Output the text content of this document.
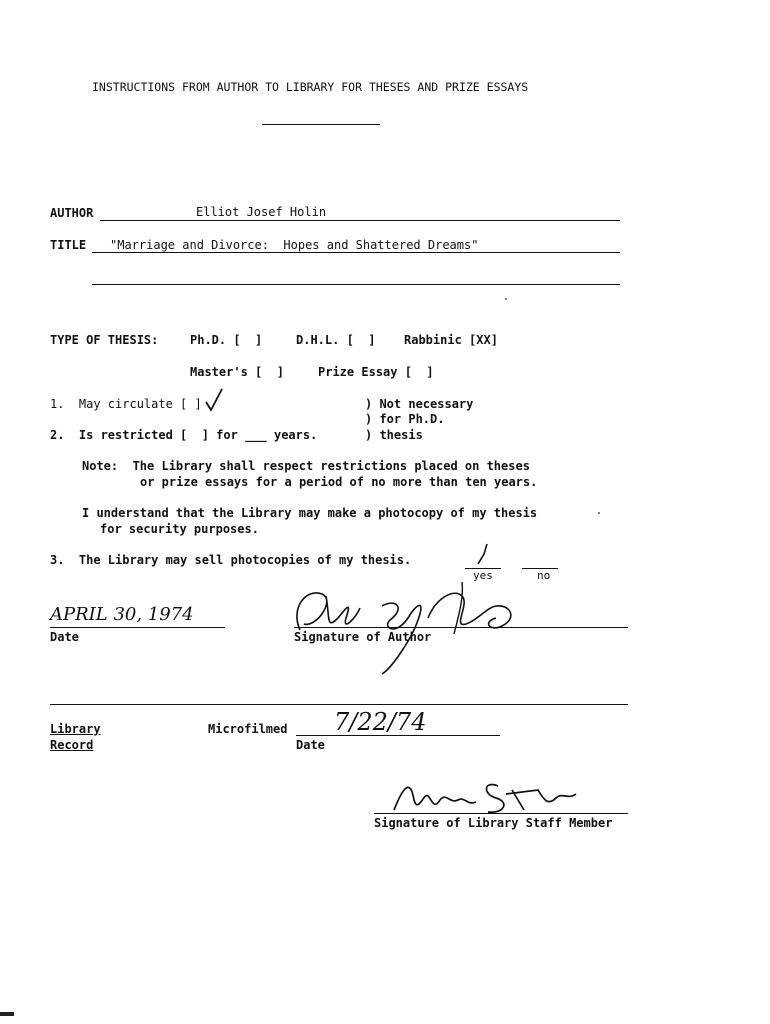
INSTRUCTIONS FROM AUTHOR TO LIBRARY FOR THESES AND PRIZE ESSAYS
AUTHOR	Elliot Josef Holin
TITLE "Marriage and Divorce:  Hopes and Shattered Dreams"
TYPE OF THESIS:	Ph.D. [  ]	D.H.L. [  ] Rabbinic [XX]
Master's [  ]	Prize Essay [  ]
1.  May circulate [ ]
2.  Is restricted [  ] for ___ years.
) Not necessary
) for Ph.D.
) thesis
Note:  The Library shall respect restrictions placed on theses
or prize essays for a period of no more than ten years.
I understand that the Library may make a photocopy of my thesis
for security purposes.
3.  The Library may sell photocopies of my thesis.
yes	no
APRIL 30, 1974
Date	Signature of Author
Library
Record
Microfilmed 7/22/74
Date
Signature of Library Staff Member
